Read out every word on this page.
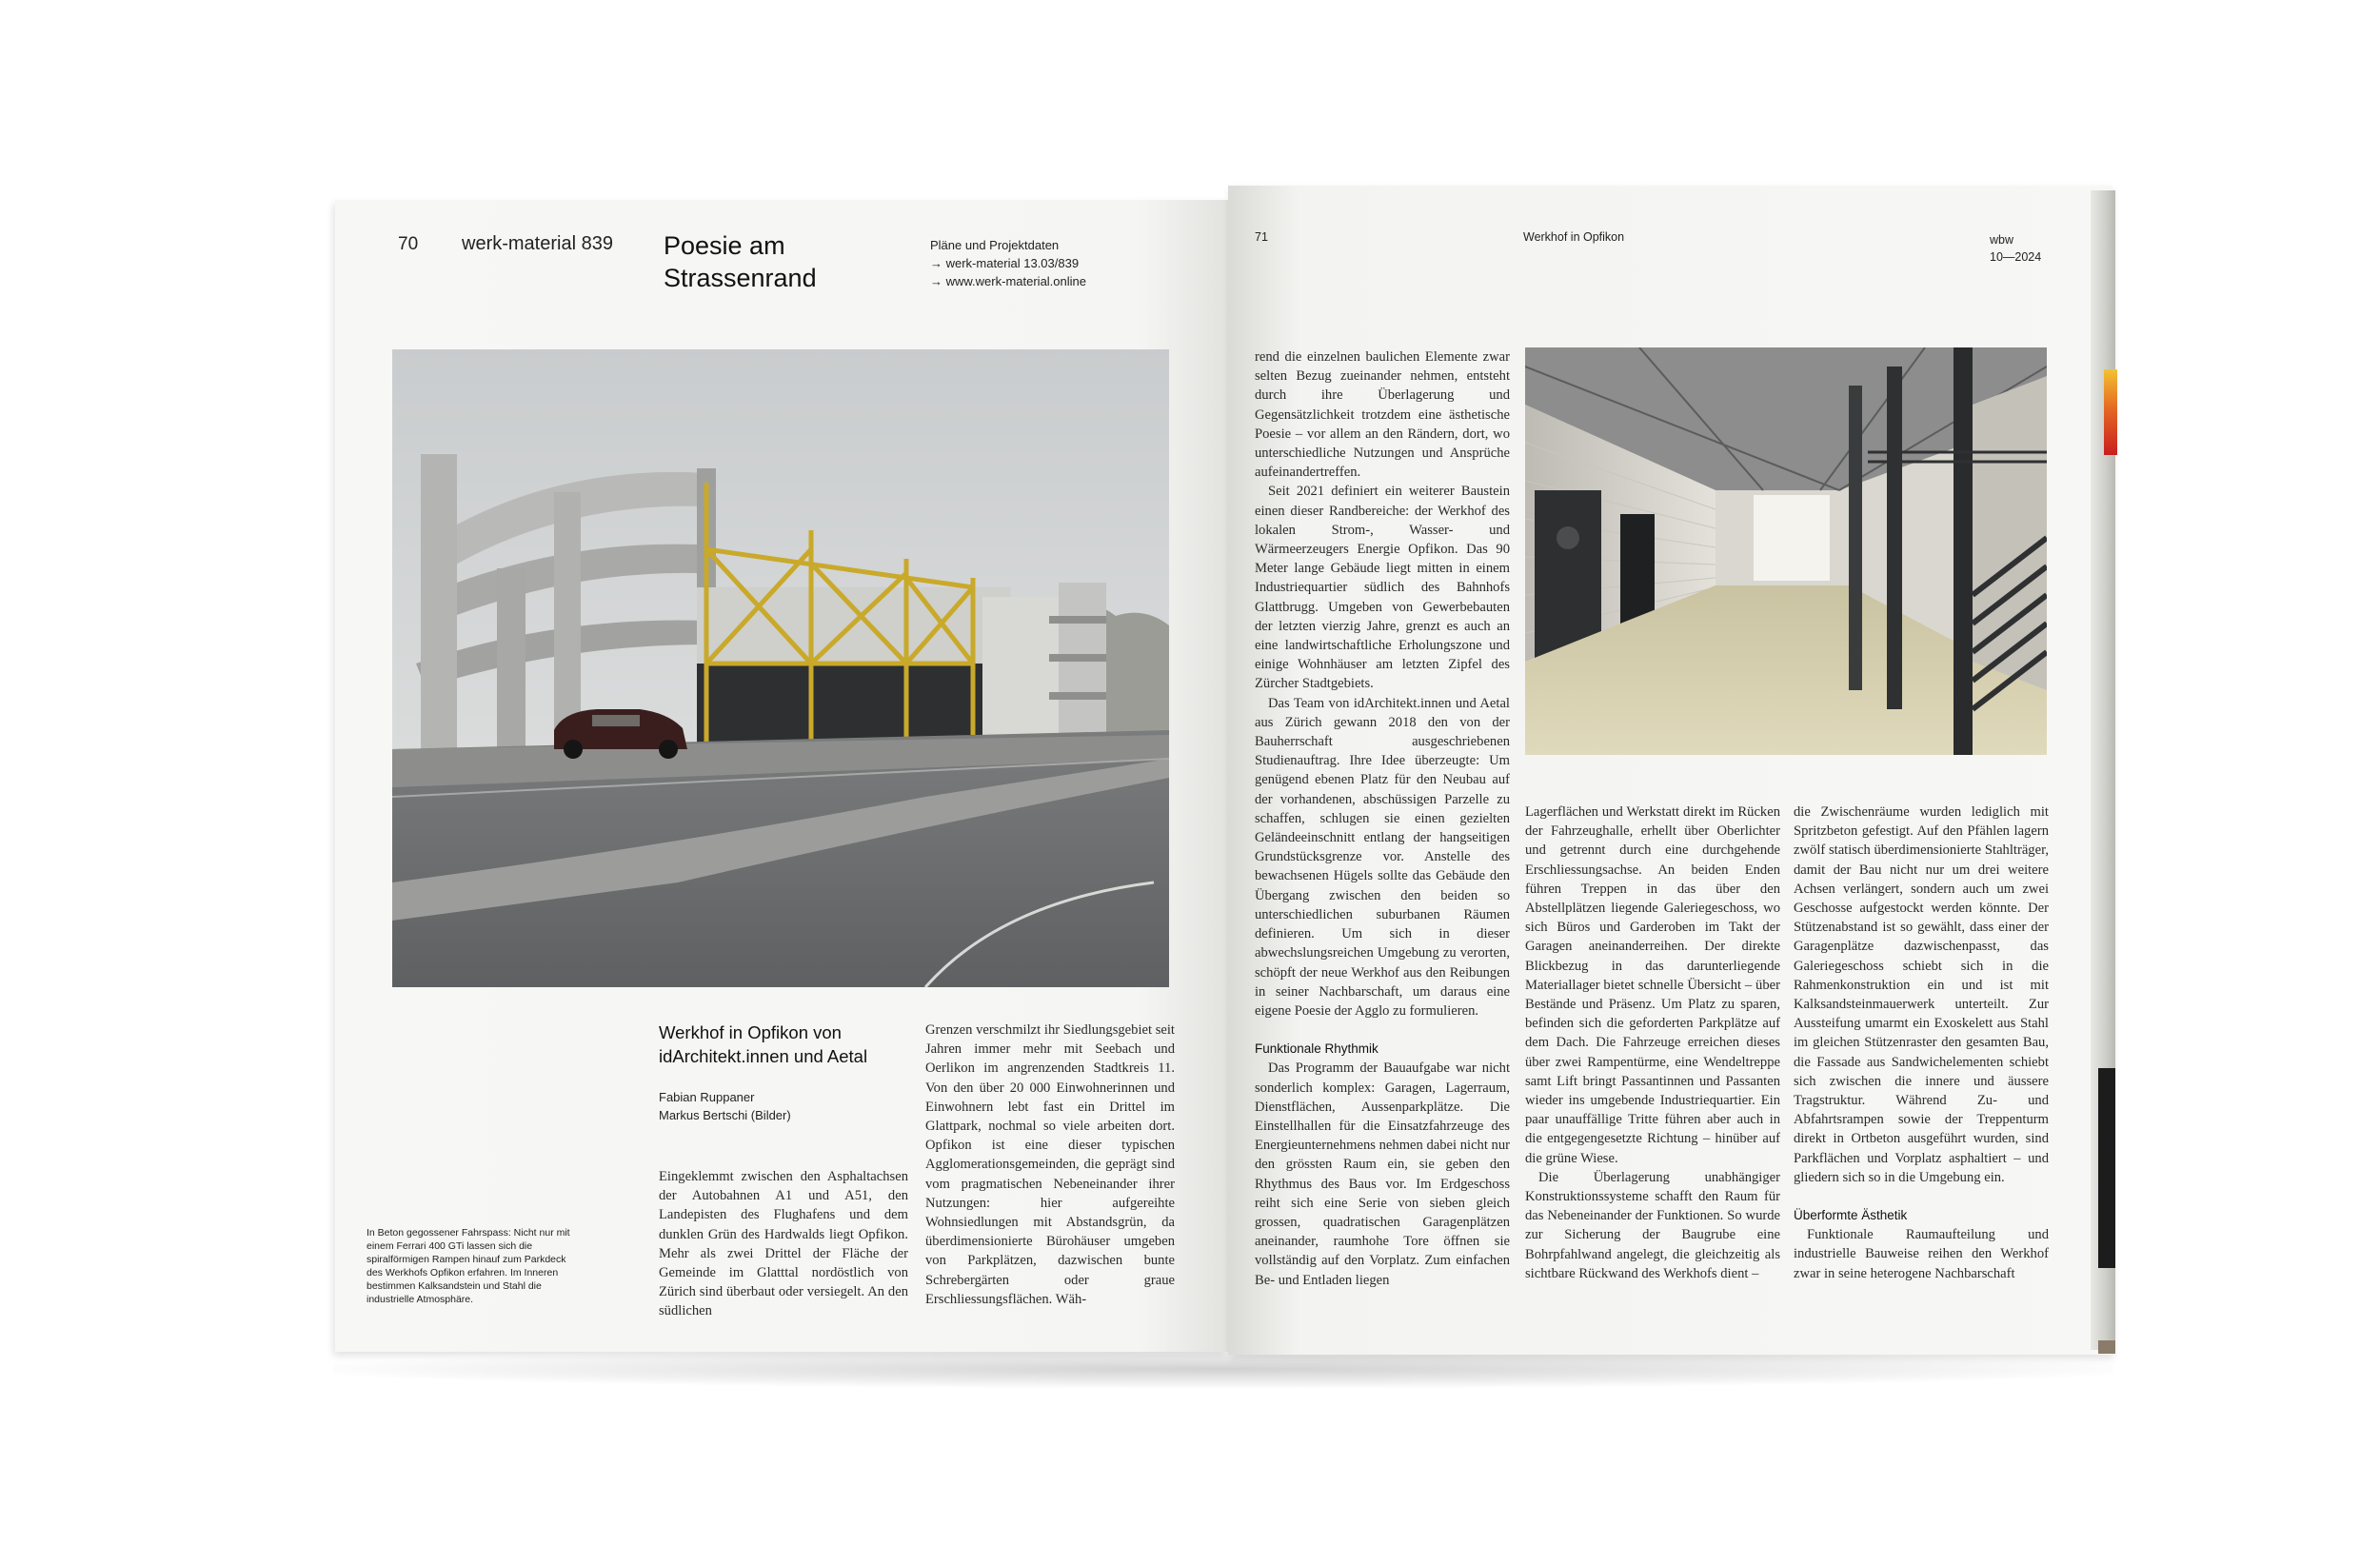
70 werk-material 839 Poesie am
Strassenrand
Pläne und Projektdaten
→ werk-material 13.03/839
→ www.werk-material.online
In Beton gegossener Fahrspass: Nicht nur mit einem Ferrari 400 GTi lassen sich die spiralförmigen Rampen hinauf zum Parkdeck des Werkhofs Opfikon erfahren. Im Inneren bestimmen Kalksandstein und Stahl die industrielle Atmosphäre.
Werkhof in Opfikon von
idArchitekt.innen und Aetal
Fabian Ruppaner
Markus Bertschi (Bilder)

Eingeklemmt zwischen den Asphaltachsen der Autobahnen A1 und A51, den Landepisten des Flughafens und dem dunklen Grün des Hardwalds liegt Opfikon. Mehr als zwei Drittel der Fläche der Gemeinde im Glatttal nordöstlich von Zürich sind überbaut oder versiegelt. An den südlichen

Grenzen verschmilzt ihr Siedlungsgebiet seit Jahren immer mehr mit Seebach und Oerlikon im angrenzenden Stadtkreis 11. Von den über 20 000 Einwohnerinnen und Einwohnern lebt fast ein Drittel im Glattpark, nochmal so viele arbeiten dort. Opfikon ist eine dieser typischen Agglomerationsgemeinden, die geprägt sind vom pragmatischen Nebeneinander ihrer Nutzungen: hier aufgereihte Wohnsiedlungen mit Abstandsgrün, da überdimensionierte Bürohäuser umgeben von Parkplätzen, dazwischen bunte Schrebergärten oder graue Erschliessungsflächen. Wäh-

71	Werkhof in Opfikon	wbw
10—2024

rend die einzelnen baulichen Elemente zwar selten Bezug zueinander nehmen, entsteht durch ihre Überlagerung und Gegensätzlichkeit trotzdem eine ästhetische Poesie – vor allem an den Rändern, dort, wo unterschiedliche Nutzungen und Ansprüche aufeinandertreffen.

Seit 2021 definiert ein weiterer Baustein einen dieser Randbereiche: der Werkhof des lokalen Strom-, Wasser- und Wärmeerzeugers Energie Opfikon. Das 90 Meter lange Gebäude liegt mitten in einem Industriequartier südlich des Bahnhofs Glattbrugg. Umgeben von Gewerbebauten der letzten vierzig Jahre, grenzt es auch an eine landwirtschaftliche Erholungszone und einige Wohnhäuser am letzten Zipfel des Zürcher Stadtgebiets.

Das Team von idArchitekt.innen und Aetal aus Zürich gewann 2018 den von der Bauherrschaft ausgeschriebenen Studienauftrag. Ihre Idee überzeugte: Um genügend ebenen Platz für den Neubau auf der vorhandenen, abschüssigen Parzelle zu schaffen, schlugen sie einen gezielten Geländeeinschnitt entlang der hangseitigen Grundstücksgrenze vor. Anstelle des bewachsenen Hügels sollte das Gebäude den Übergang zwischen den beiden so unterschiedlichen suburbanen Räumen definieren. Um sich in dieser abwechslungsreichen Umgebung zu verorten, schöpft der neue Werkhof aus den Reibungen in seiner Nachbarschaft, um daraus eine eigene Poesie der Agglo zu formulieren.

Funktionale Rhythmik

Das Programm der Bauaufgabe war nicht sonderlich komplex: Garagen, Lagerraum, Dienstflächen, Aussenparkplätze. Die Einstellhallen für die Einsatzfahrzeuge des Energieunternehmens nehmen dabei nicht nur den grössten Raum ein, sie geben den Rhythmus des Baus vor. Im Erdgeschoss reiht sich eine Serie von sieben gleich grossen, quadratischen Garagenplätzen aneinander, raumhohe Tore öffnen sie vollständig auf den Vorplatz. Zum einfachen Be- und Entladen liegen

Lagerflächen und Werkstatt direkt im Rücken der Fahrzeughalle, erhellt über Oberlichter und getrennt durch eine durchgehende Erschliessungsachse. An beiden Enden führen Treppen in das über den Abstellplätzen liegende Galeriegeschoss, wo sich Büros und Garderoben im Takt der Garagen aneinanderreihen. Der direkte Blickbezug in das darunterliegende Materiallager bietet schnelle Übersicht – über Bestände und Präsenz. Um Platz zu sparen, befinden sich die geforderten Parkplätze auf dem Dach. Die Fahrzeuge erreichen dieses über zwei Rampentürme, eine Wendeltreppe samt Lift bringt Passantinnen und Passanten wieder ins umgebende Industriequartier. Ein paar unauffällige Tritte führen aber auch in die entgegengesetzte Richtung – hinüber auf die grüne Wiese.

Die Überlagerung unabhängiger Konstruktionssysteme schafft den Raum für das Nebeneinander der Funktionen. So wurde zur Sicherung der Baugrube eine Bohrpfahlwand angelegt, die gleichzeitig als sichtbare Rückwand des Werkhofs dient –

die Zwischenräume wurden lediglich mit Spritzbeton gefestigt. Auf den Pfählen lagern zwölf statisch überdimensionierte Stahlträger, damit der Bau nicht nur um drei weitere Achsen verlängert, sondern auch um zwei Geschosse aufgestockt werden könnte. Der Stützenabstand ist so gewählt, dass einer der Garagenplätze dazwischenpasst, das Galeriegeschoss schiebt sich in die Rahmenkonstruktion ein und ist mit Kalksandsteinmauerwerk unterteilt. Zur Aussteifung umarmt ein Exoskelett aus Stahl im gleichen Stützenraster den gesamten Bau, die Fassade aus Sandwichelementen schiebt sich zwischen die innere und äussere Tragstruktur. Während Zu- und Abfahrtsrampen sowie der Treppenturm direkt in Ortbeton ausgeführt wurden, sind Parkflächen und Vorplatz asphaltiert – und gliedern sich so in die Umgebung ein.

Überformte Ästhetik

Funktionale Raumaufteilung und industrielle Bauweise reihen den Werkhof zwar in seine heterogene Nachbarschaft
